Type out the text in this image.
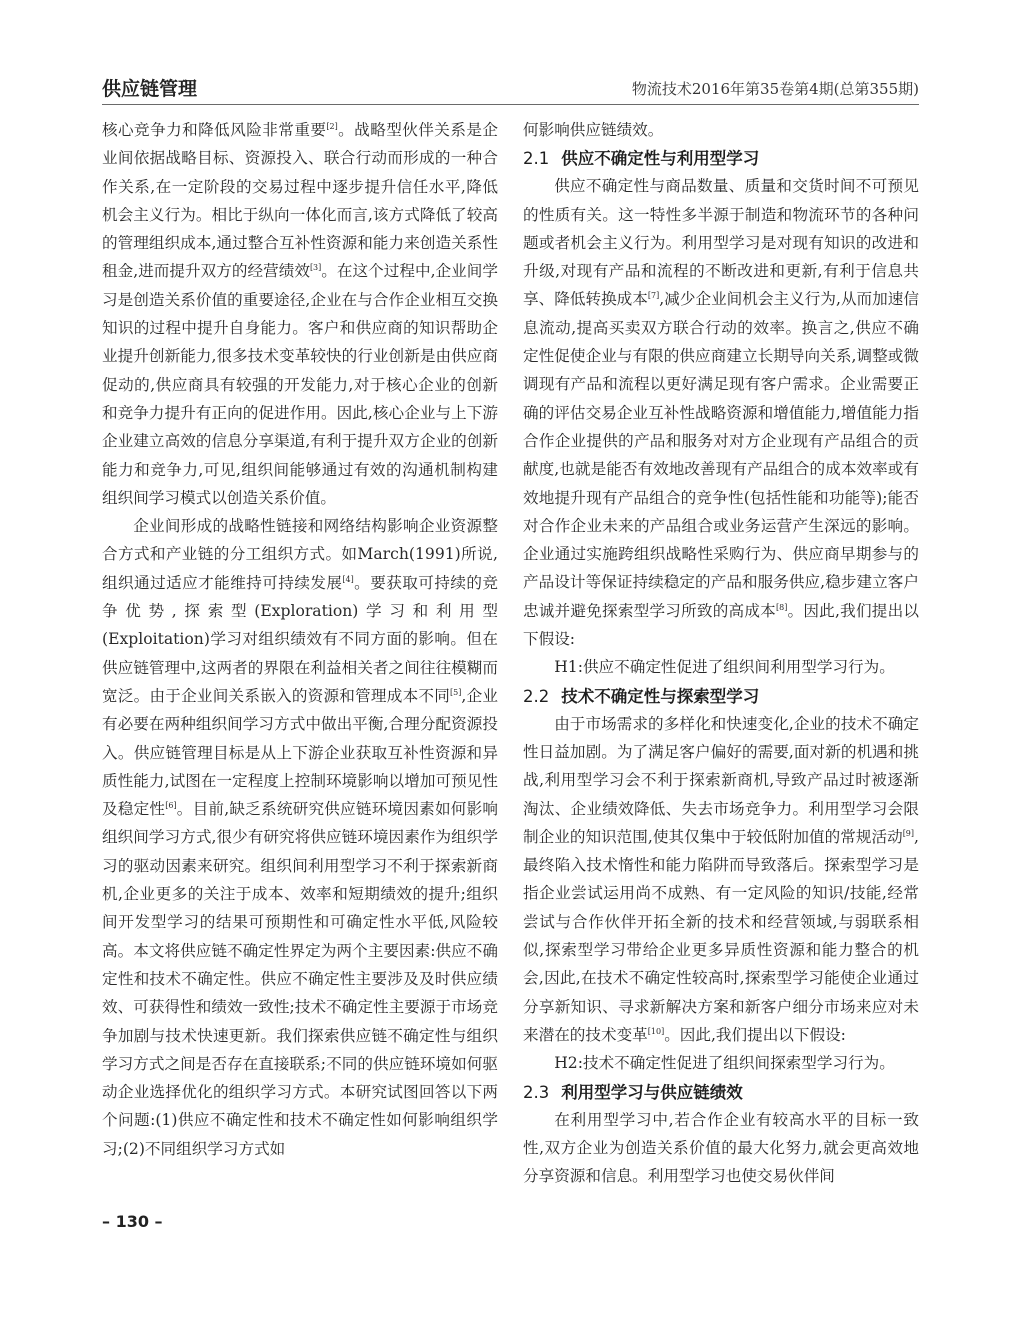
供应链管理	物流技术2016年第35卷第4期(总第355期)

核心竞争力和降低风险非常重要[2]。战略型伙伴关系是企业间依据战略目标、资源投入、联合行动而形成的一种合作关系,在一定阶段的交易过程中逐步提升信任水平,降低机会主义行为。相比于纵向一体化而言,该方式降低了较高的管理组织成本,通过整合互补性资源和能力来创造关系性租金,进而提升双方的经营绩效[3]。在这个过程中,企业间学习是创造关系价值的重要途径,企业在与合作企业相互交换知识的过程中提升自身能力。客户和供应商的知识帮助企业提升创新能力,很多技术变革较快的行业创新是由供应商促动的,供应商具有较强的开发能力,对于核心企业的创新和竞争力提升有正向的促进作用。因此,核心企业与上下游企业建立高效的信息分享渠道,有利于提升双方企业的创新能力和竞争力,可见,组织间能够通过有效的沟通机制构建组织间学习模式以创造关系价值。

企业间形成的战略性链接和网络结构影响企业资源整合方式和产业链的分工组织方式。如March(1991)所说,组织通过适应才能维持可持续发展[4]。要获取可持续的竞争优势,探索型(Exploration)学习和利用型(Exploitation)学习对组织绩效有不同方面的影响。但在供应链管理中,这两者的界限在利益相关者之间往往模糊而宽泛。由于企业间关系嵌入的资源和管理成本不同[5],企业有必要在两种组织间学习方式中做出平衡,合理分配资源投入。供应链管理目标是从上下游企业获取互补性资源和异质性能力,试图在一定程度上控制环境影响以增加可预见性及稳定性[6]。目前,缺乏系统研究供应链环境因素如何影响组织间学习方式,很少有研究将供应链环境因素作为组织学习的驱动因素来研究。组织间利用型学习不利于探索新商机,企业更多的关注于成本、效率和短期绩效的提升;组织间开发型学习的结果可预期性和可确定性水平低,风险较高。本文将供应链不确定性界定为两个主要因素:供应不确定性和技术不确定性。供应不确定性主要涉及及时供应绩效、可获得性和绩效一致性;技术不确定性主要源于市场竞争加剧与技术快速更新。我们探索供应链不确定性与组织学习方式之间是否存在直接联系;不同的供应链环境如何驱动企业选择优化的组织学习方式。本研究试图回答以下两个问题:(1)供应不确定性和技术不确定性如何影响组织学习;(2)不同组织学习方式如

何影响供应链绩效。

2.1 供应不确定性与利用型学习

供应不确定性与商品数量、质量和交货时间不可预见的性质有关。这一特性多半源于制造和物流环节的各种问题或者机会主义行为。利用型学习是对现有知识的改进和升级,对现有产品和流程的不断改进和更新,有利于信息共享、降低转换成本[7],减少企业间机会主义行为,从而加速信息流动,提高买卖双方联合行动的效率。换言之,供应不确定性促使企业与有限的供应商建立长期导向关系,调整或微调现有产品和流程以更好满足现有客户需求。企业需要正确的评估交易企业互补性战略资源和增值能力,增值能力指合作企业提供的产品和服务对对方企业现有产品组合的贡献度,也就是能否有效地改善现有产品组合的成本效率或有效地提升现有产品组合的竞争性(包括性能和功能等);能否对合作企业未来的产品组合或业务运营产生深远的影响。企业通过实施跨组织战略性采购行为、供应商早期参与的产品设计等保证持续稳定的产品和服务供应,稳步建立客户忠诚并避免探索型学习所致的高成本[8]。因此,我们提出以下假设:

H1:供应不确定性促进了组织间利用型学习行为。

2.2 技术不确定性与探索型学习

由于市场需求的多样化和快速变化,企业的技术不确定性日益加剧。为了满足客户偏好的需要,面对新的机遇和挑战,利用型学习会不利于探索新商机,导致产品过时被逐渐淘汰、企业绩效降低、失去市场竞争力。利用型学习会限制企业的知识范围,使其仅集中于较低附加值的常规活动[9],最终陷入技术惰性和能力陷阱而导致落后。探索型学习是指企业尝试运用尚不成熟、有一定风险的知识/技能,经常尝试与合作伙伴开拓全新的技术和经营领域,与弱联系相似,探索型学习带给企业更多异质性资源和能力整合的机会,因此,在技术不确定性较高时,探索型学习能使企业通过分享新知识、寻求新解决方案和新客户细分市场来应对未来潜在的技术变革[10]。因此,我们提出以下假设:

H2:技术不确定性促进了组织间探索型学习行为。

2.3 利用型学习与供应链绩效

在利用型学习中,若合作企业有较高水平的目标一致性,双方企业为创造关系价值的最大化努力,就会更高效地分享资源和信息。利用型学习也使交易伙伴间

– 130 –
